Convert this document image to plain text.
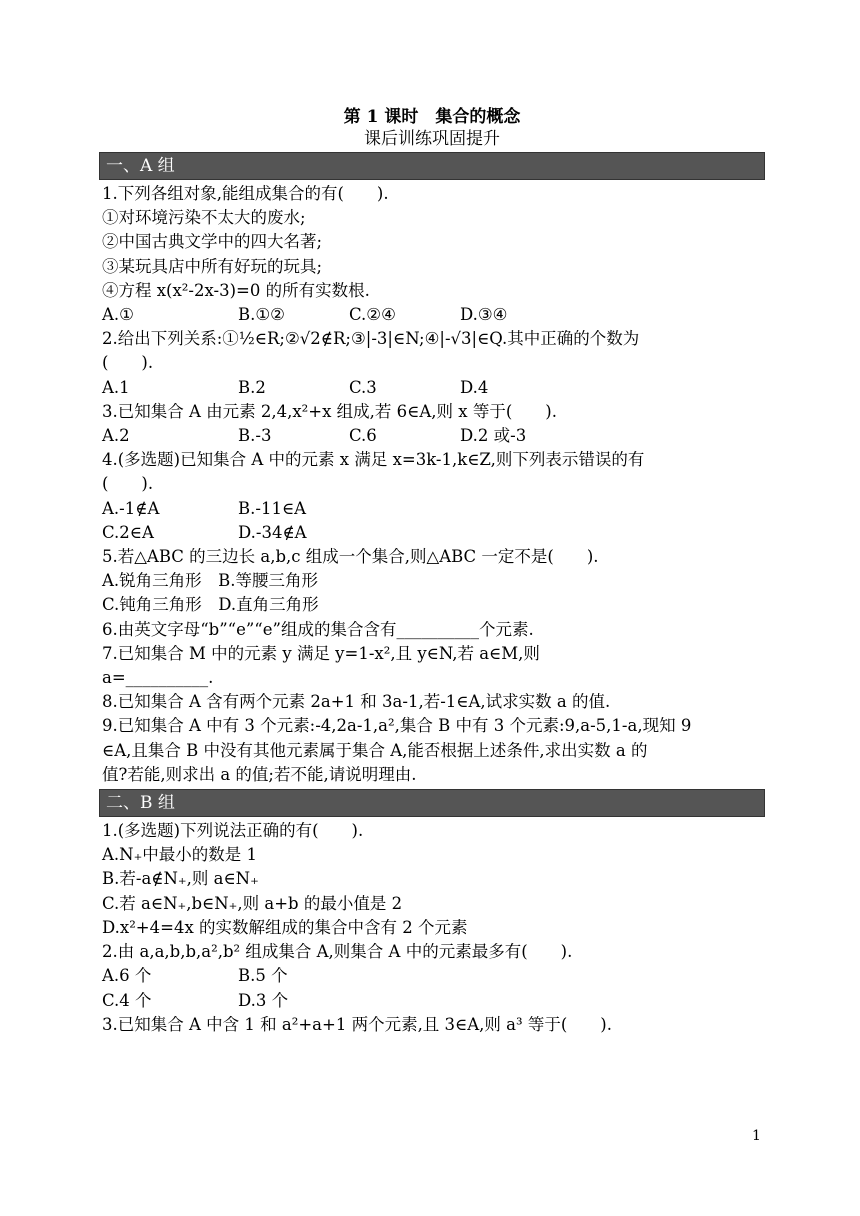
第 1 课时　集合的概念
课后训练巩固提升
一、A 组
1.下列各组对象,能组成集合的有(　　).
①对环境污染不太大的废水;
②中国古典文学中的四大名著;
③某玩具店中所有好玩的玩具;
④方程 x(x²-2x-3)=0 的所有实数根.
A.①	B.①②	C.②④	D.③④
2.给出下列关系:①½∈R;②√2∉R;③|-3|∈N;④|-√3|∈Q.其中正确的个数为
(　　).
A.1	B.2	C.3	D.4
3.已知集合 A 由元素 2,4,x²+x 组成,若 6∈A,则 x 等于(　　).
A.2	B.-3	C.6	D.2 或-3
4.(多选题)已知集合 A 中的元素 x 满足 x=3k-1,k∈Z,则下列表示错误的有
(　　).
A.-1∉A	B.-11∈A
C.2∈A	D.-34∉A
5.若△ABC 的三边长 a,b,c 组成一个集合,则△ABC 一定不是(　　).
A.锐角三角形　B.等腰三角形
C.钝角三角形　D.直角三角形
6.由英文字母“b”“e”“e”组成的集合含有__________个元素.
7.已知集合 M 中的元素 y 满足 y=1-x²,且 y∈N,若 a∈M,则
a=__________.
8.已知集合 A 含有两个元素 2a+1 和 3a-1,若-1∈A,试求实数 a 的值.
9.已知集合 A 中有 3 个元素:-4,2a-1,a²,集合 B 中有 3 个元素:9,a-5,1-a,现知 9
∈A,且集合 B 中没有其他元素属于集合 A,能否根据上述条件,求出实数 a 的
值?若能,则求出 a 的值;若不能,请说明理由.
二、B 组
1.(多选题)下列说法正确的有(　　).
A.N₊中最小的数是 1
B.若-a∉N₊,则 a∈N₊
C.若 a∈N₊,b∈N₊,则 a+b 的最小值是 2
D.x²+4=4x 的实数解组成的集合中含有 2 个元素
2.由 a,a,b,b,a²,b² 组成集合 A,则集合 A 中的元素最多有(　　).
A.6 个	B.5 个
C.4 个	D.3 个
3.已知集合 A 中含 1 和 a²+a+1 两个元素,且 3∈A,则 a³ 等于(　　).
1
